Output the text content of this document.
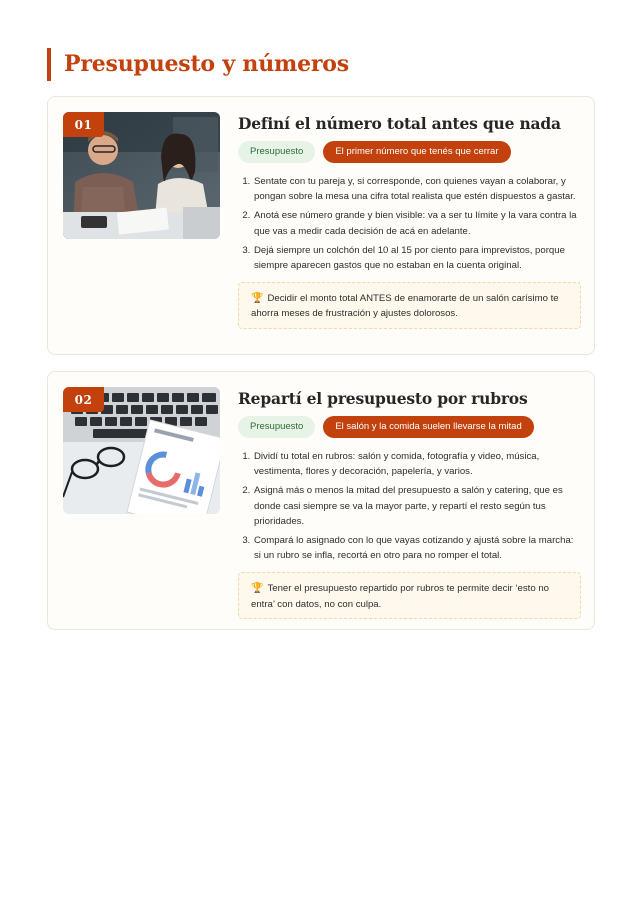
Presupuesto y números
01	Definí el número total antes que nada
Presupuesto	El primer número que tenés que cerrar
1. Sentate con tu pareja y, si corresponde, con quienes vayan a colaborar, y pongan sobre la mesa una cifra total realista que estén dispuestos a gastar.
2. Anotá ese número grande y bien visible: va a ser tu límite y la vara contra la que vas a medir cada decisión de acá en adelante.
3. Dejá siempre un colchón del 10 al 15 por ciento para imprevistos, porque siempre aparecen gastos que no estaban en la cuenta original.
🏆 Decidir el monto total ANTES de enamorarte de un salón carísimo te ahorra meses de frustración y ajustes dolorosos.
02	Repartí el presupuesto por rubros
Presupuesto	El salón y la comida suelen llevarse la mitad
1. Dividí tu total en rubros: salón y comida, fotografía y video, música, vestimenta, flores y decoración, papelería, y varios.
2. Asigná más o menos la mitad del presupuesto a salón y catering, que es donde casi siempre se va la mayor parte, y repartí el resto según tus prioridades.
3. Compará lo asignado con lo que vayas cotizando y ajustá sobre la marcha: si un rubro se infla, recortá en otro para no romper el total.
🏆 Tener el presupuesto repartido por rubros te permite decir ‘esto no entra’ con datos, no con culpa.
